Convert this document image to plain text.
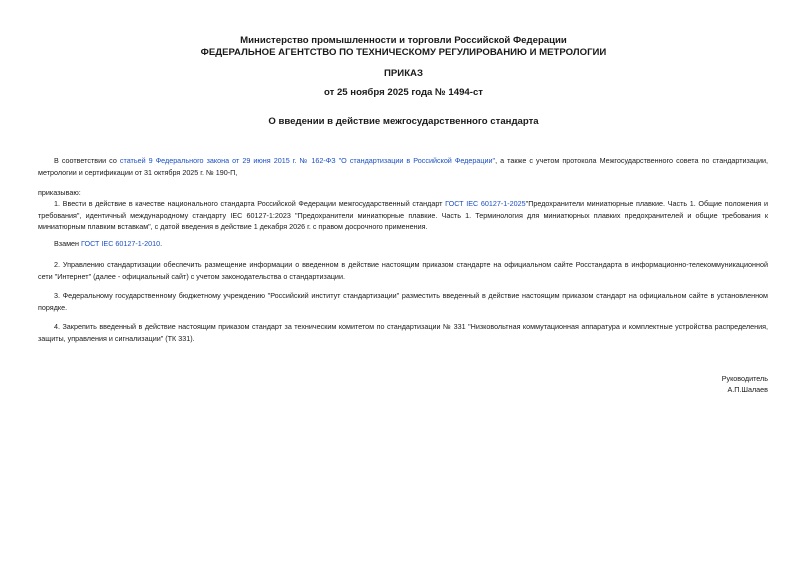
Министерство промышленности и торговли Российской Федерации
ФЕДЕРАЛЬНОЕ АГЕНТСТВО ПО ТЕХНИЧЕСКОМУ РЕГУЛИРОВАНИЮ И МЕТРОЛОГИИ
ПРИКАЗ
от 25 ноября 2025 года № 1494-ст
О введении в действие межгосударственного стандарта
В соответствии со статьей 9 Федерального закона от 29 июня 2015 г. № 162-ФЗ "О стандартизации в Российской Федерации", а также с учетом протокола Межгосударственного совета по стандартизации, метрологии и сертификации от 31 октября 2025 г. № 190-П,
приказываю:
1. Ввести в действие в качестве национального стандарта Российской Федерации межгосударственный стандарт ГОСТ IEC 60127-1-2025"Предохранители миниатюрные плавкие. Часть 1. Общие положения и требования", идентичный международному стандарту IEC 60127-1:2023 "Предохранители миниатюрные плавкие. Часть 1. Терминология для миниатюрных плавких предохранителей и общие требования к миниатюрным плавким вставкам", с датой введения в действие 1 декабря 2026 г. с правом досрочного применения.
Взамен ГОСТ IEC 60127-1-2010.
2. Управлению стандартизации обеспечить размещение информации о введенном в действие настоящим приказом стандарте на официальном сайте Росстандарта в информационно-телекоммуникационной сети "Интернет" (далее - официальный сайт) с учетом законодательства о стандартизации.
3. Федеральному государственному бюджетному учреждению "Российский институт стандартизации" разместить введенный в действие настоящим приказом стандарт на официальном сайте в установленном порядке.
4. Закрепить введенный в действие настоящим приказом стандарт за техническим комитетом по стандартизации № 331 "Низковольтная коммутационная аппаратура и комплектные устройства распределения, защиты, управления и сигнализации" (ТК 331).
Руководитель
А.П.Шалаев
